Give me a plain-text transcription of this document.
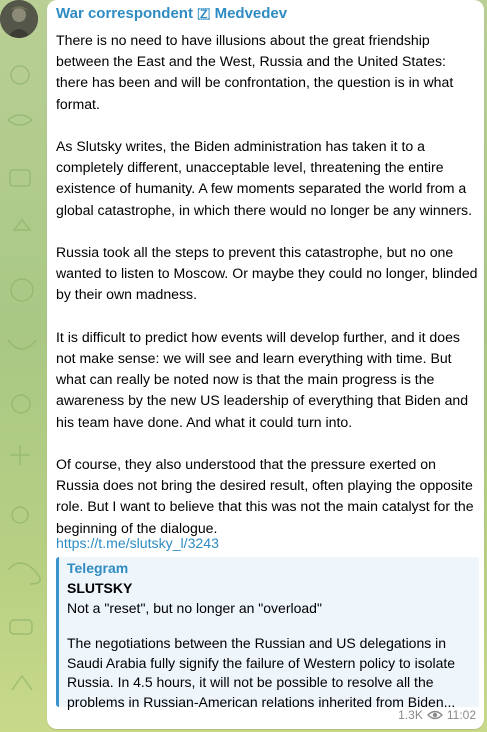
War correspondent 🇿 Medvedev

There is no need to have illusions about the great friendship between the East and the West, Russia and the United States: there has been and will be confrontation, the question is in what format.

As Slutsky writes, the Biden administration has taken it to a completely different, unacceptable level, threatening the entire existence of humanity. A few moments separated the world from a global catastrophe, in which there would no longer be any winners.

Russia took all the steps to prevent this catastrophe, but no one wanted to listen to Moscow. Or maybe they could no longer, blinded by their own madness.

It is difficult to predict how events will develop further, and it does not make sense: we will see and learn everything with time. But what can really be noted now is that the main progress is the awareness by the new US leadership of everything that Biden and his team have done. And what it could turn into.

Of course, they also understood that the pressure exerted on Russia does not bring the desired result, often playing the opposite role. But I want to believe that this was not the main catalyst for the beginning of the dialogue.

https://t.me/slutsky_l/3243
Telegram
SLUTSKY
Not a "reset", but no longer an "overload"
The negotiations between the Russian and US delegations in Saudi Arabia fully signify the failure of Western policy to isolate Russia. In 4.5 hours, it will not be possible to resolve all the problems in Russian-American relations inherited from Biden...
1.3K 11:02
